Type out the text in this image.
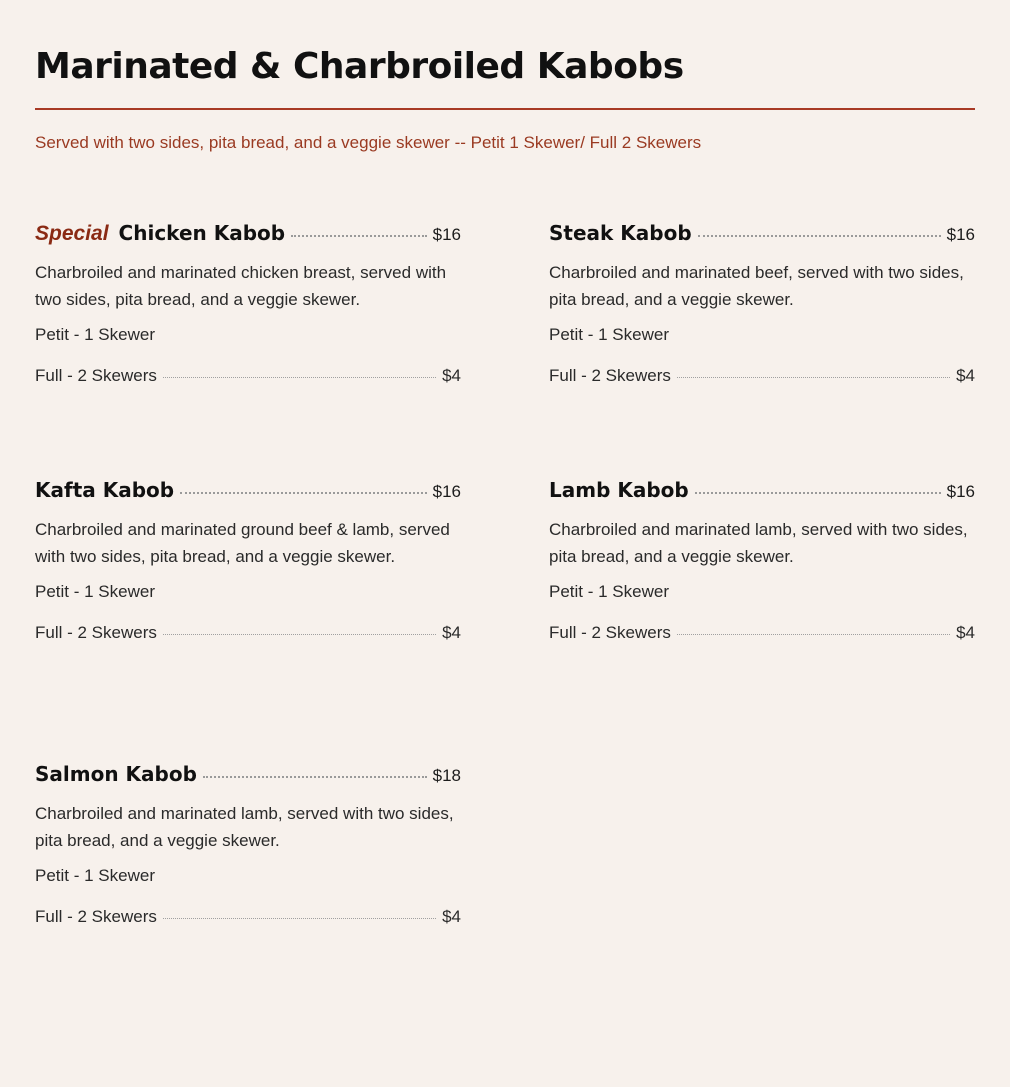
Marinated & Charbroiled Kabobs

Served with two sides, pita bread, and a veggie skewer -- Petit 1 Skewer/ Full 2 Skewers

Special Chicken Kabob	$16

Charbroiled and marinated chicken breast, served with two sides, pita bread, and a veggie skewer.

Petit - 1 Skewer
Full - 2 Skewers	$4
Steak Kabob	$16

Charbroiled and marinated beef, served with two sides, pita bread, and a veggie skewer.

Petit - 1 Skewer
Full - 2 Skewers	$4
Kafta Kabob	$16

Charbroiled and marinated ground beef & lamb, served with two sides, pita bread, and a veggie skewer.

Petit - 1 Skewer
Full - 2 Skewers	$4
Lamb Kabob	$16

Charbroiled and marinated lamb, served with two sides, pita bread, and a veggie skewer.

Petit - 1 Skewer
Full - 2 Skewers	$4
Salmon Kabob	$18

Charbroiled and marinated lamb, served with two sides, pita bread, and a veggie skewer.

Petit - 1 Skewer
Full - 2 Skewers	$4
